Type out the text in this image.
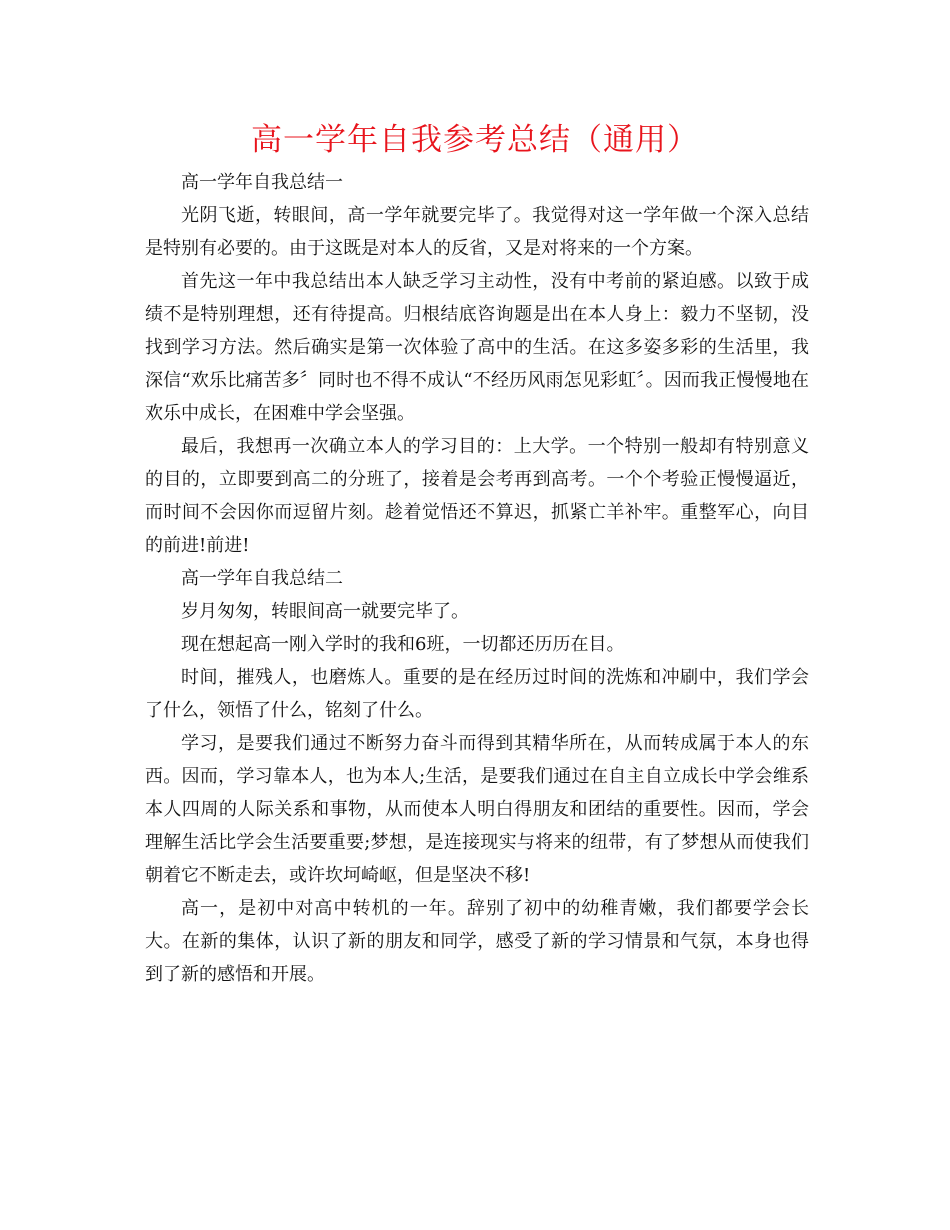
高一学年自我参考总结（通用）

高一学年自我总结一

光阴飞逝，转眼间，高一学年就要完毕了。我觉得对这一学年做一个深入总结是特别有必要的。由于这既是对本人的反省，又是对将来的一个方案。

首先这一年中我总结出本人缺乏学习主动性，没有中考前的紧迫感。以致于成绩不是特别理想，还有待提高。归根结底咨询题是出在本人身上：毅力不坚韧，没找到学习方法。然后确实是第一次体验了高中的生活。在这多姿多彩的生活里，我深信“欢乐比痛苦多〞同时也不得不成认“不经历风雨怎见彩虹〞。因而我正慢慢地在欢乐中成长，在困难中学会坚强。

最后，我想再一次确立本人的学习目的：上大学。一个特别一般却有特别意义的目的，立即要到高二的分班了，接着是会考再到高考。一个个考验正慢慢逼近，而时间不会因你而逗留片刻。趁着觉悟还不算迟，抓紧亡羊补牢。重整军心，向目的前进!前进!

高一学年自我总结二

岁月匆匆，转眼间高一就要完毕了。

现在想起高一刚入学时的我和6班，一切都还历历在目。

时间，摧残人，也磨炼人。重要的是在经历过时间的洗炼和冲刷中，我们学会了什么，领悟了什么，铭刻了什么。

学习，是要我们通过不断努力奋斗而得到其精华所在，从而转成属于本人的东西。因而，学习靠本人，也为本人;生活，是要我们通过在自主自立成长中学会维系本人四周的人际关系和事物，从而使本人明白得朋友和团结的重要性。因而，学会理解生活比学会生活要重要;梦想，是连接现实与将来的纽带，有了梦想从而使我们朝着它不断走去，或许坎坷崎岖，但是坚决不移!

高一，是初中对高中转机的一年。辞别了初中的幼稚青嫩，我们都要学会长大。在新的集体，认识了新的朋友和同学，感受了新的学习情景和气氛，本身也得到了新的感悟和开展。
